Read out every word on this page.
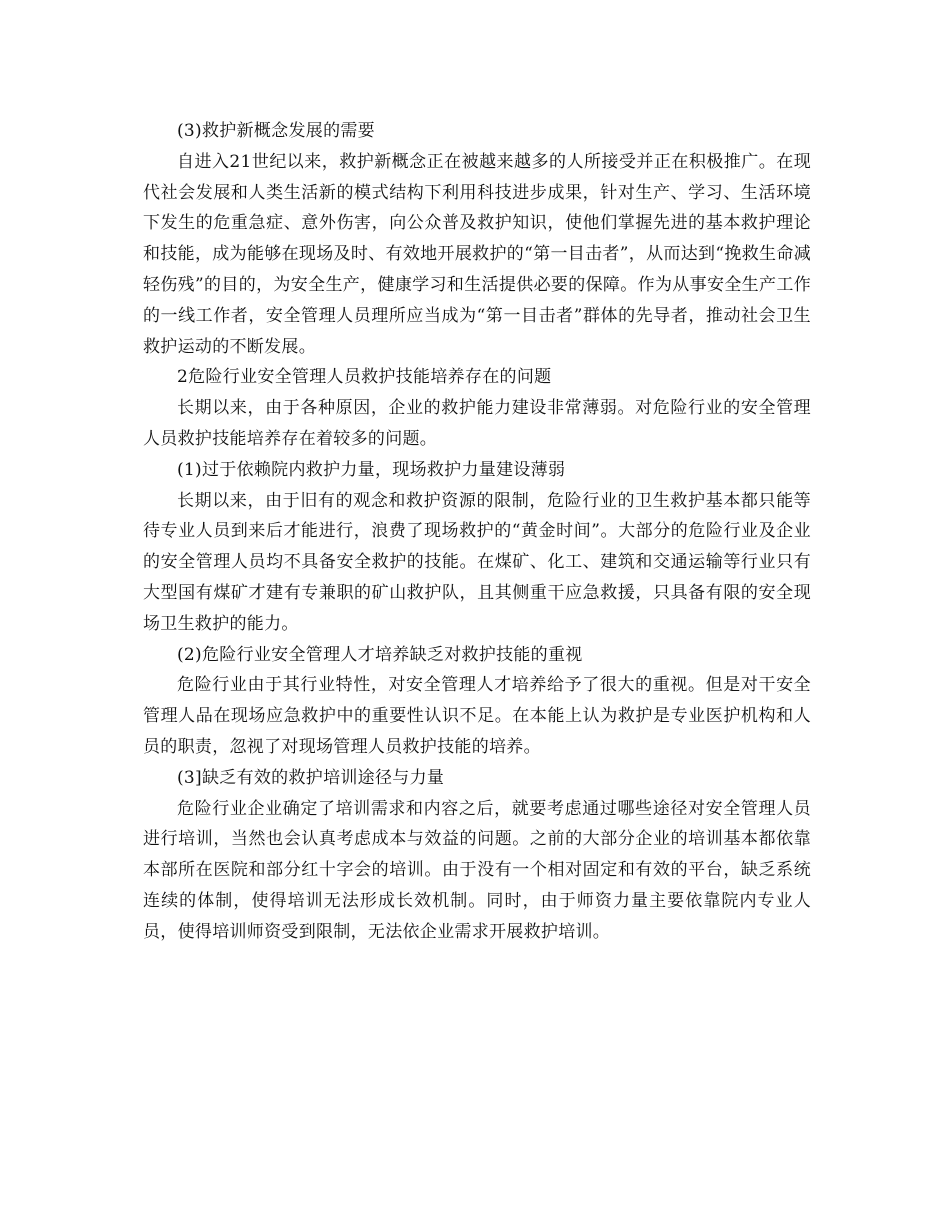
(3)救护新概念发展的需要

自进入21世纪以来，救护新概念正在被越来越多的人所接受并正在积极推广。在现代社会发展和人类生活新的模式结构下利用科技进步成果，针对生产、学习、生活环境下发生的危重急症、意外伤害，向公众普及救护知识，使他们掌握先进的基本救护理论和技能，成为能够在现场及时、有效地开展救护的“第一目击者”，从而达到“挽救生命减轻伤残”的目的，为安全生产，健康学习和生活提供必要的保障。作为从事安全生产工作的一线工作者，安全管理人员理所应当成为“第一目击者”群体的先导者，推动社会卫生救护运动的不断发展。

2危险行业安全管理人员救护技能培养存在的问题

长期以来，由于各种原因，企业的救护能力建设非常薄弱。对危险行业的安全管理人员救护技能培养存在着较多的问题。

(1)过于依赖院内救护力量，现场救护力量建设薄弱

长期以来，由于旧有的观念和救护资源的限制，危险行业的卫生救护基本都只能等待专业人员到来后才能进行，浪费了现场救护的“黄金时间”。大部分的危险行业及企业的安全管理人员均不具备安全救护的技能。在煤矿、化工、建筑和交通运输等行业只有大型国有煤矿才建有专兼职的矿山救护队，且其侧重干应急救援，只具备有限的安全现场卫生救护的能力。

(2)危险行业安全管理人才培养缺乏对救护技能的重视

危险行业由于其行业特性，对安全管理人才培养给予了很大的重视。但是对干安全管理人品在现场应急救护中的重要性认识不足。在本能上认为救护是专业医护机构和人员的职责，忽视了对现场管理人员救护技能的培养。

(3]缺乏有效的救护培训途径与力量

危险行业企业确定了培训需求和内容之后，就要考虑通过哪些途径对安全管理人员进行培训，当然也会认真考虑成本与效益的问题。之前的大部分企业的培训基本都依靠本部所在医院和部分红十字会的培训。由于没有一个相对固定和有效的平台，缺乏系统连续的体制，使得培训无法形成长效机制。同时，由于师资力量主要依靠院内专业人员，使得培训师资受到限制，无法依企业需求开展救护培训。
